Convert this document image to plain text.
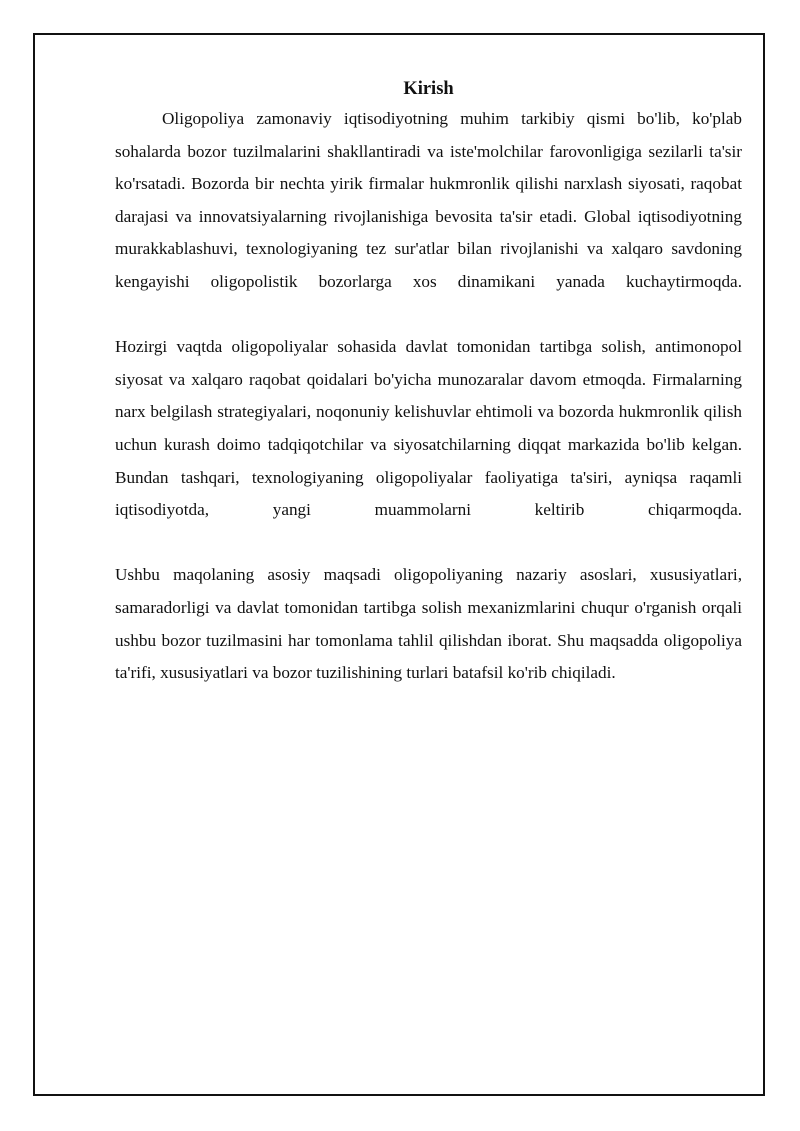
Kirish

Oligopoliya zamonaviy iqtisodiyotning muhim tarkibiy qismi bo'lib, ko'plab sohalarda bozor tuzilmalarini shakllantiradi va iste'molchilar farovonligiga sezilarli ta'sir ko'rsatadi. Bozorda bir nechta yirik firmalar hukmronlik qilishi narxlash siyosati, raqobat darajasi va innovatsiyalarning rivojlanishiga bevosita ta'sir etadi. Global iqtisodiyotning murakkablashuvi, texnologiyaning tez sur'atlar bilan rivojlanishi va xalqaro savdoning kengayishi oligopolistik bozorlarga xos dinamikani yanada kuchaytirmoqda.

Hozirgi vaqtda oligopoliyalar sohasida davlat tomonidan tartibga solish, antimonopol siyosat va xalqaro raqobat qoidalari bo'yicha munozaralar davom etmoqda. Firmalarning narx belgilash strategiyalari, noqonuniy kelishuvlar ehtimoli va bozorda hukmronlik qilish uchun kurash doimo tadqiqotchilar va siyosatchilarning diqqat markazida bo'lib kelgan. Bundan tashqari, texnologiyaning oligopoliyalar faoliyatiga ta'siri, ayniqsa raqamli iqtisodiyotda, yangi muammolarni keltirib chiqarmoqda.

Ushbu maqolaning asosiy maqsadi oligopoliyaning nazariy asoslari, xususiyatlari, samaradorligi va davlat tomonidan tartibga solish mexanizmlarini chuqur o'rganish orqali ushbu bozor tuzilmasini har tomonlama tahlil qilishdan iborat. Shu maqsadda oligopoliya ta'rifi, xususiyatlari va bozor tuzilishining turlari batafsil ko'rib chiqiladi.
